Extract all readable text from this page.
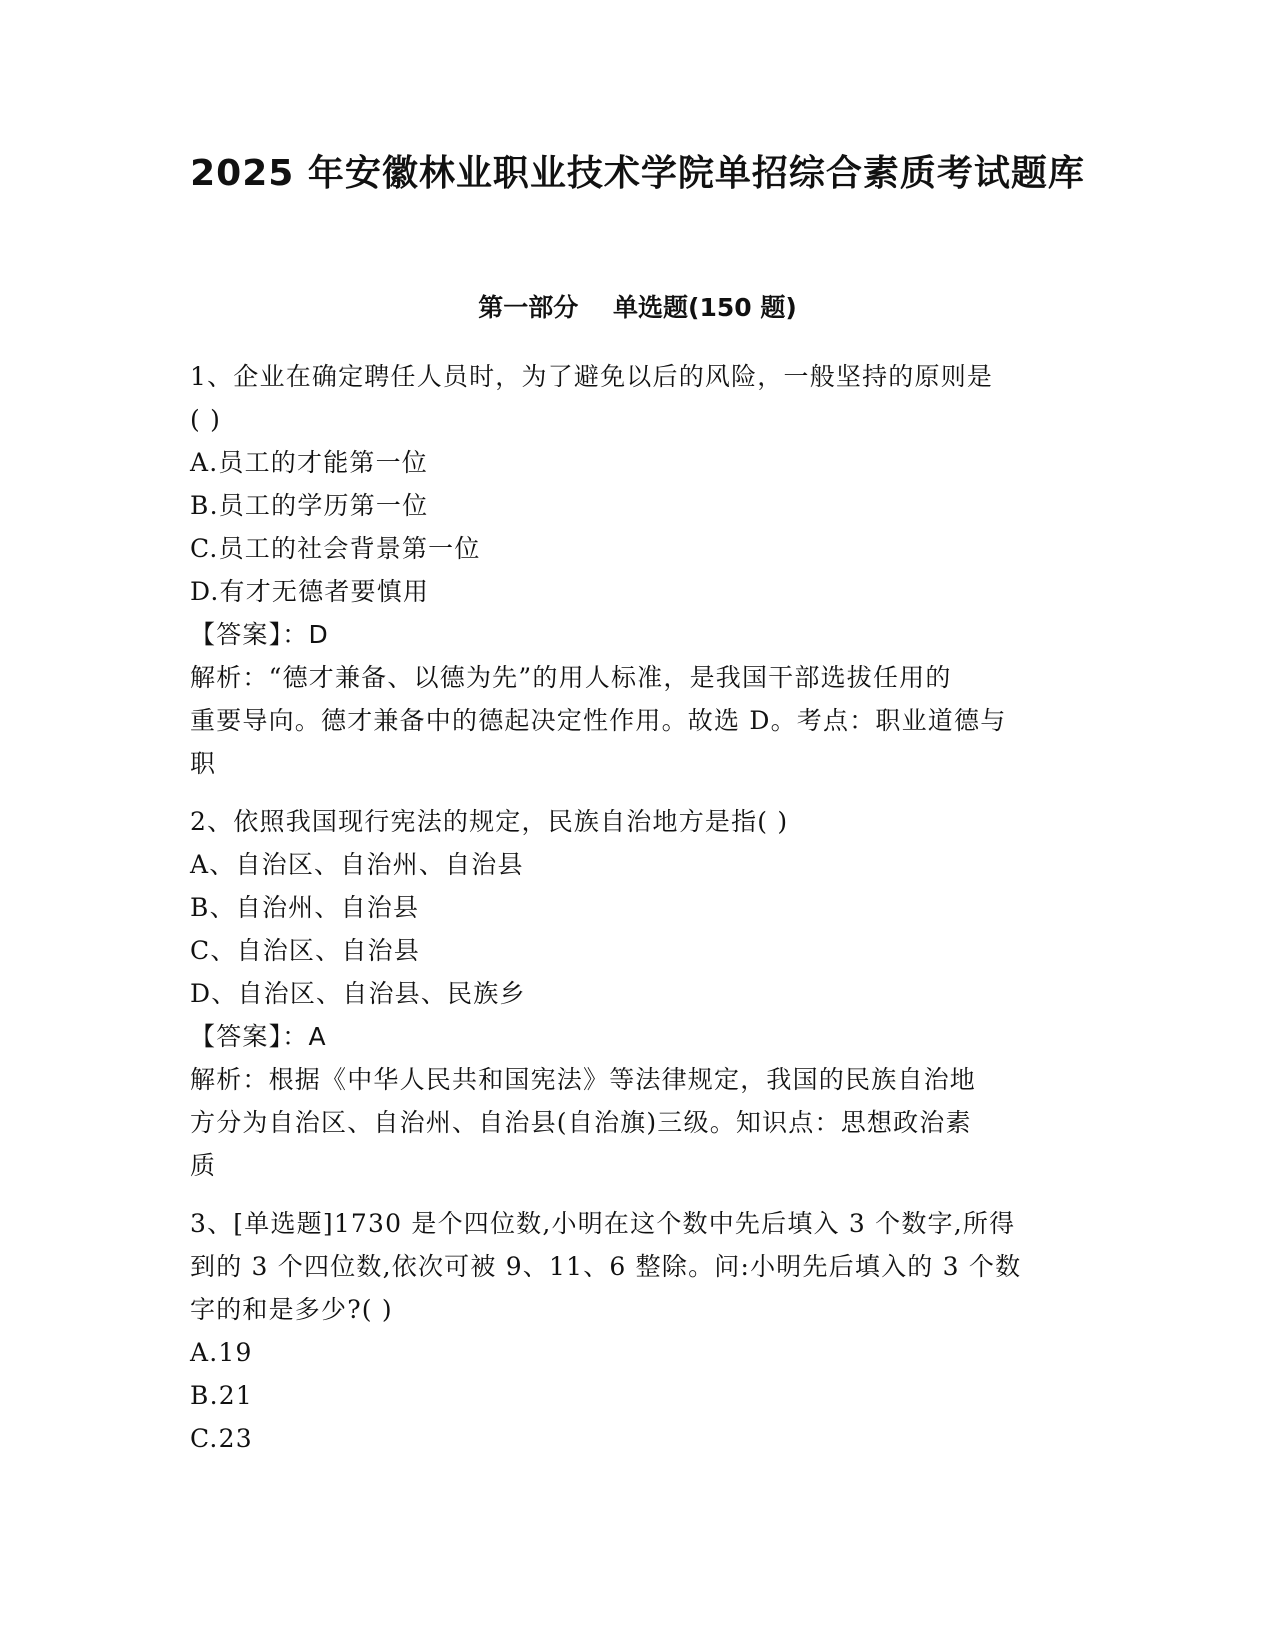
2025 年安徽林业职业技术学院单招综合素质考试题库
第一部分    单选题(150 题)
1、企业在确定聘任人员时，为了避免以后的风险，一般坚持的原则是
( )
A.员工的才能第一位
B.员工的学历第一位
C.员工的社会背景第一位
D.有才无德者要慎用
【答案】：D
解析：“德才兼备、以德为先”的用人标准，是我国干部选拔任用的
重要导向。德才兼备中的德起决定性作用。故选 D。考点：职业道德与
职
2、依照我国现行宪法的规定，民族自治地方是指( )
A、自治区、自治州、自治县
B、自治州、自治县
C、自治区、自治县
D、自治区、自治县、民族乡
【答案】：A
解析：根据《中华人民共和国宪法》等法律规定，我国的民族自治地
方分为自治区、自治州、自治县(自治旗)三级。知识点：思想政治素
质
3、[单选题]1730 是个四位数,小明在这个数中先后填入 3 个数字,所得
到的 3 个四位数,依次可被 9、11、6 整除。问:小明先后填入的 3 个数
字的和是多少?( )
A.19
B.21
C.23
